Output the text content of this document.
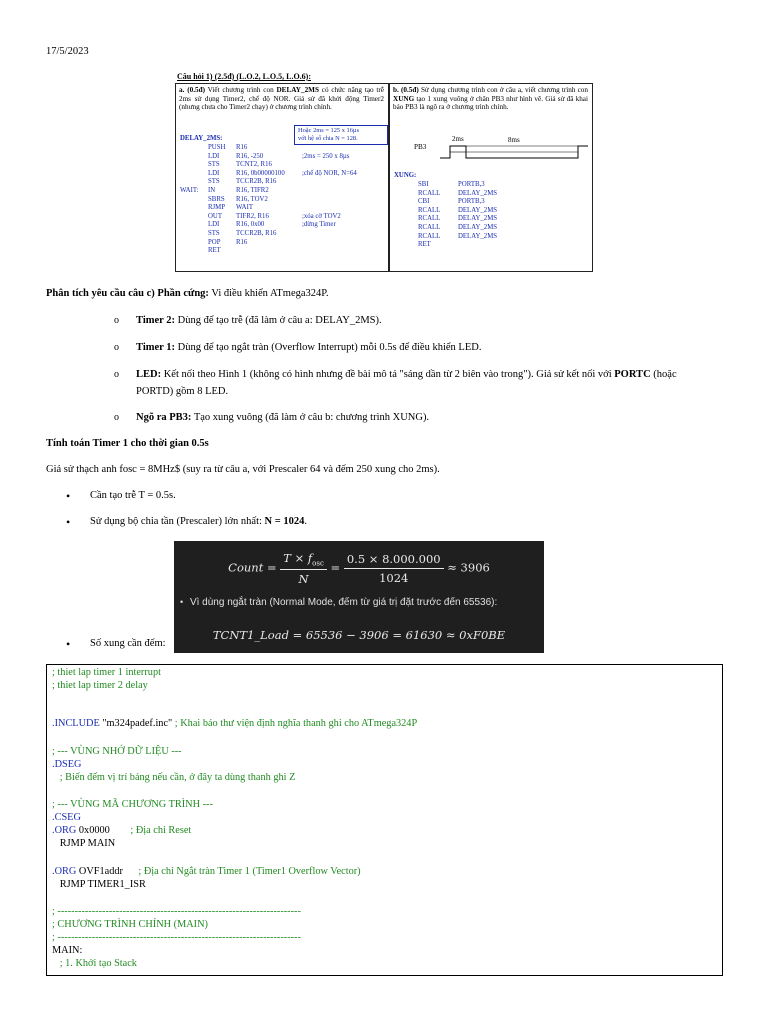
17/5/2023
Câu hỏi 1) (2.5đ) (L.O.2, L.O.5, L.O.6):
a. (0.5đ) Viết chương trình con DELAY_2MS có chức năng tạo trễ 2ms sử dụng Timer2, chế độ NOR. Giả sử đã khởi động Timer2 (nhưng chưa cho Timer2 chạy) ở chương trình chính.
Hoặc 2ms = 125 x 16µs
với hệ số chia N = 128.
DELAY_2MS:
PUSH R16
LDI R16, -250	;2ms = 250 x 8µs
STS TCNT2, R16
LDI R16, 0b00000100	;chế độ NOR, N=64
STS TCCR2B, R16
WAIT: IN	R16, TIFR2
SBRS R16, TOV2
RJMP WAIT
OUT TIFR2, R16	;xóa cờ TOV2
LDI R16, 0x00	;dừng Timer
STS TCCR2B, R16
POP R16
RET
b. (0.5đ) Sử dụng chương trình con ở câu a, viết chương trình con XUNG tạo 1 xung vuông ở chân PB3 như hình vẽ. Giả sử đã khai báo PB3 là ngõ ra ở chương trình chính.
PB3
2ms	8ms
XUNG:
SBI	PORTB,3
RCALL	DELAY_2MS
CBI	PORTB,3
RCALL	DELAY_2MS
RCALL	DELAY_2MS
RCALL	DELAY_2MS
RCALL	DELAY_2MS
RET
Phân tích yêu cầu câu c) Phần cứng: Vi điều khiển ATmega324P.
o Timer 2: Dùng để tạo trễ (đã làm ở câu a: DELAY_2MS).
o Timer 1: Dùng để tạo ngắt tràn (Overflow Interrupt) mỗi 0.5s để điều khiển LED.
o LED: Kết nối theo Hình 1 (không có hình nhưng đề bài mô tả "sáng dần từ 2 biên vào trong"). Giả sử kết nối với PORTC (hoặc
PORTD) gồm 8 LED.
o Ngõ ra PB3: Tạo xung vuông (đã làm ở câu b: chương trình XUNG).
Tính toán Timer 1 cho thời gian 0.5s
Giả sử thạch anh fosc = 8MHz$ (suy ra từ câu a, với Prescaler 64 và đếm 250 xung cho 2ms).
• Cần tạo trễ T = 0.5s.
• Sử dụng bộ chia tần (Prescaler) lớn nhất: N = 1024.
Count = $\frac{T \times f_{osc}}{N} = \frac{0.5 \times 8.000.000}{1024} \approx 3906$
• Vì dùng ngắt tràn (Normal Mode, đếm từ giá trị đặt trước đến 65536):
TCNT1_Load = 65536 − 3906 = 61630 ≈ 0xF0BE
• Số xung cần đếm:
; thiet lap timer 1 interrupt
; thiet lap timer 2 delay
.INCLUDE "m324padef.inc" ; Khai báo thư viện định nghĩa thanh ghi cho ATmega324P
; --- VÙNG NHỚ DỮ LIỆU ---
.DSEG
; Biến đếm vị trí bảng nếu cần, ở đây ta dùng thanh ghi Z
; --- VÙNG MÃ CHƯƠNG TRÌNH ---
.CSEG
.ORG 0x0000        ; Địa chỉ Reset
RJMP MAIN
.ORG OVF1addr      ; Địa chỉ Ngắt tràn Timer 1 (Timer1 Overflow Vector)
RJMP TIMER1_ISR
; -----------------------------------------------------------------------
; CHƯƠNG TRÌNH CHÍNH (MAIN)
; -----------------------------------------------------------------------
MAIN:
; 1. Khởi tạo Stack
